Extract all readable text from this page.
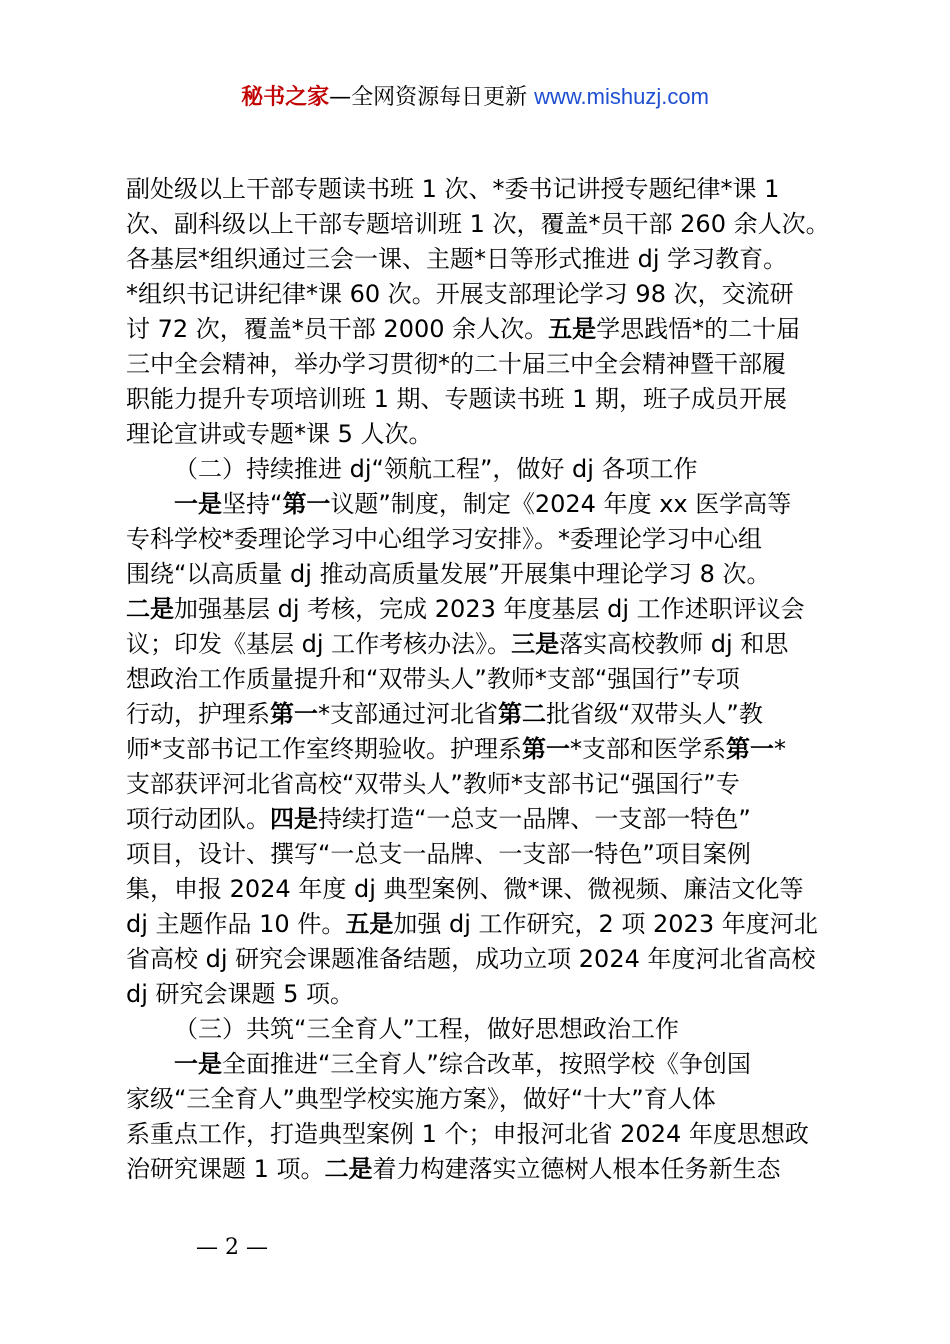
秘书之家—全网资源每日更新 www.mishuzj.com
副处级以上干部专题读书班 1 次、*委书记讲授专题纪律*课 1
次、副科级以上干部专题培训班 1 次，覆盖*员干部 260 余人次。
各基层*组织通过三会一课、主题*日等形式推进 dj 学习教育。
*组织书记讲纪律*课 60 次。开展支部理论学习 98 次，交流研
讨 72 次，覆盖*员干部 2000 余人次。五是学思践悟*的二十届
三中全会精神，举办学习贯彻*的二十届三中全会精神暨干部履
职能力提升专项培训班 1 期、专题读书班 1 期，班子成员开展
理论宣讲或专题*课 5 人次。
（二）持续推进 dj“领航工程”，做好 dj 各项工作
一是坚持“第一议题”制度，制定《2024 年度 xx 医学高等
专科学校*委理论学习中心组学习安排》。*委理论学习中心组
围绕“以高质量 dj 推动高质量发展”开展集中理论学习 8 次。
二是加强基层 dj 考核，完成 2023 年度基层 dj 工作述职评议会
议；印发《基层 dj 工作考核办法》。三是落实高校教师 dj 和思
想政治工作质量提升和“双带头人”教师*支部“强国行”专项
行动，护理系第一*支部通过河北省第二批省级“双带头人”教
师*支部书记工作室终期验收。护理系第一*支部和医学系第一*
支部获评河北省高校“双带头人”教师*支部书记“强国行”专
项行动团队。四是持续打造“一总支一品牌、一支部一特色”
项目，设计、撰写“一总支一品牌、一支部一特色”项目案例
集，申报 2024 年度 dj 典型案例、微*课、微视频、廉洁文化等
dj 主题作品 10 件。五是加强 dj 工作研究，2 项 2023 年度河北
省高校 dj 研究会课题准备结题，成功立项 2024 年度河北省高校
dj 研究会课题 5 项。
（三）共筑“三全育人”工程，做好思想政治工作
一是全面推进“三全育人”综合改革，按照学校《争创国
家级“三全育人”典型学校实施方案》，做好“十大”育人体
系重点工作，打造典型案例 1 个；申报河北省 2024 年度思想政
治研究课题 1 项。二是着力构建落实立德树人根本任务新生态
— 2 —
